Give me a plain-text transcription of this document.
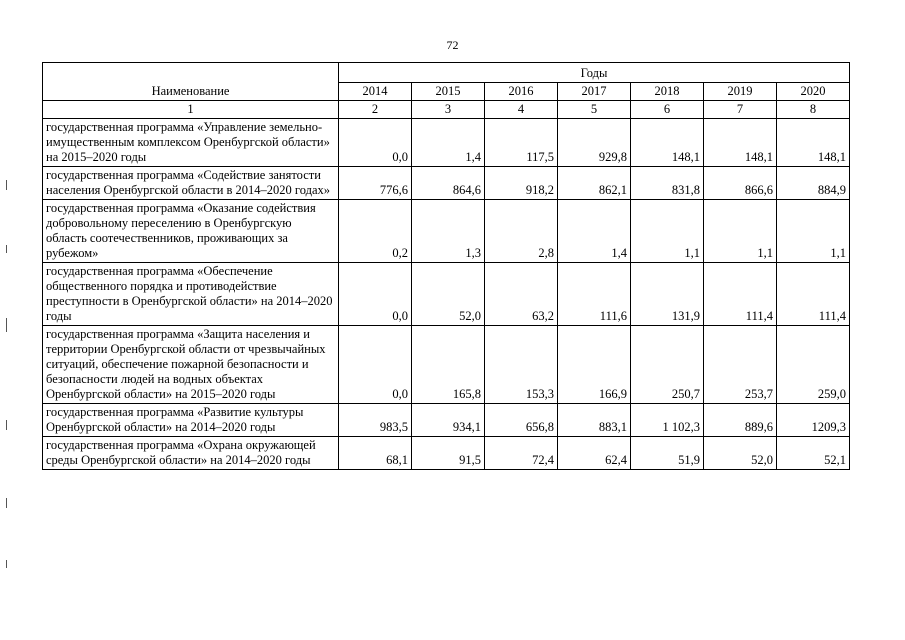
72
Наименование	Годы						
	2014	2015	2016	2017	2018	2019	2020
1	2	3	4	5	6	7	8
государственная программа «Управление земельно-имущественным комплексом Оренбургской области» на 2015–2020 годы	0,0	1,4	117,5	929,8	148,1	148,1	148,1
государственная программа «Содействие занятости населения Оренбургской области в 2014–2020 годах»	776,6	864,6	918,2	862,1	831,8	866,6	884,9
государственная программа «Оказание содействия добровольному переселению в Оренбургскую область соотечественников, проживающих за рубежом»	0,2	1,3	2,8	1,4	1,1	1,1	1,1
государственная программа «Обеспечение общественного порядка и противодействие преступности в Оренбургской области» на 2014–2020 годы	0,0	52,0	63,2	111,6	131,9	111,4	111,4
государственная программа «Защита населения и территории Оренбургской области от чрезвычайных ситуаций, обеспечение пожарной безопасности и безопасности людей на водных объектах Оренбургской области» на 2015–2020 годы	0,0	165,8	153,3	166,9	250,7	253,7	259,0
государственная программа «Развитие культуры Оренбургской области» на 2014–2020 годы	983,5	934,1	656,8	883,1	1 102,3	889,6	1209,3
государственная программа «Охрана окружающей среды Оренбургской области» на 2014–2020 годы	68,1	91,5	72,4	62,4	51,9	52,0	52,1
